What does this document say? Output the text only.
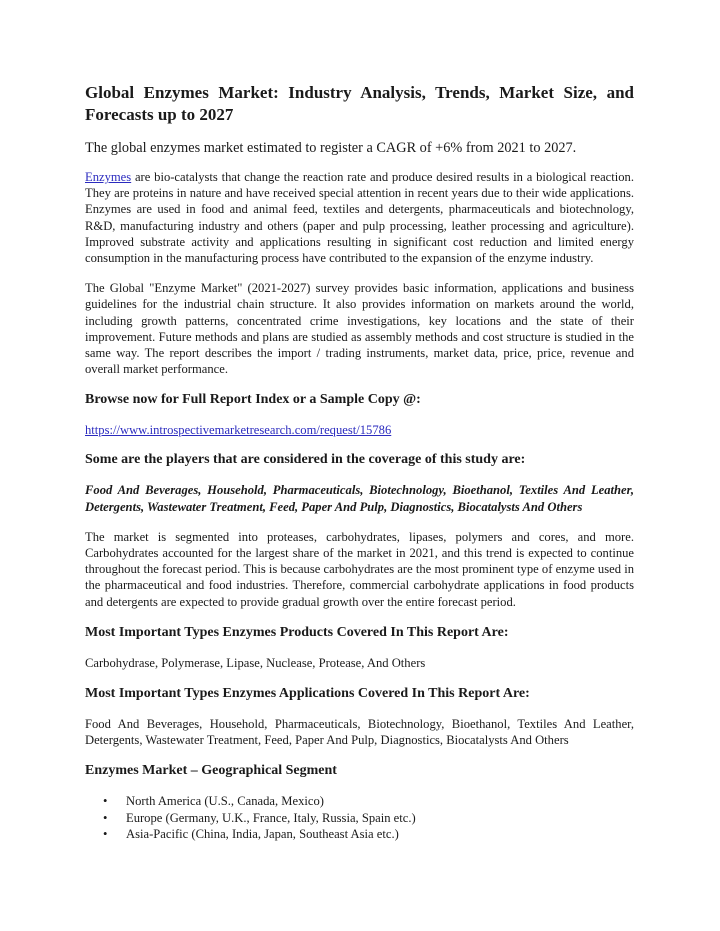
Global Enzymes Market: Industry Analysis, Trends, Market Size, and Forecasts up to 2027

The global enzymes market estimated to register a CAGR of +6% from 2021 to 2027.

Enzymes are bio-catalysts that change the reaction rate and produce desired results in a biological reaction. They are proteins in nature and have received special attention in recent years due to their wide applications. Enzymes are used in food and animal feed, textiles and detergents, pharmaceuticals and biotechnology, R&D, manufacturing industry and others (paper and pulp processing, leather processing and agriculture). Improved substrate activity and applications resulting in significant cost reduction and limited energy consumption in the manufacturing process have contributed to the expansion of the enzyme industry.

The Global "Enzyme Market" (2021-2027) survey provides basic information, applications and business guidelines for the industrial chain structure. It also provides information on markets around the world, including growth patterns, concentrated crime investigations, key locations and the state of their improvement. Future methods and plans are studied as assembly methods and cost structure is studied in the same way. The report describes the import / trading instruments, market data, price, price, revenue and overall market performance.

Browse now for Full Report Index or a Sample Copy @:

https://www.introspectivemarketresearch.com/request/15786

Some are the players that are considered in the coverage of this study are:

Food And Beverages, Household, Pharmaceuticals, Biotechnology, Bioethanol, Textiles And Leather, Detergents, Wastewater Treatment, Feed, Paper And Pulp, Diagnostics, Biocatalysts And Others

The market is segmented into proteases, carbohydrates, lipases, polymers and cores, and more. Carbohydrates accounted for the largest share of the market in 2021, and this trend is expected to continue throughout the forecast period. This is because carbohydrates are the most prominent type of enzyme used in the pharmaceutical and food industries. Therefore, commercial carbohydrate applications in food products and detergents are expected to provide gradual growth over the entire forecast period.

Most Important Types Enzymes Products Covered In This Report Are:

Carbohydrase, Polymerase, Lipase, Nuclease, Protease, And Others

Most Important Types Enzymes Applications Covered In This Report Are:

Food And Beverages, Household, Pharmaceuticals, Biotechnology, Bioethanol, Textiles And Leather, Detergents, Wastewater Treatment, Feed, Paper And Pulp, Diagnostics, Biocatalysts And Others

Enzymes Market – Geographical Segment
• North America (U.S., Canada, Mexico)
• Europe (Germany, U.K., France, Italy, Russia, Spain etc.)
• Asia-Pacific (China, India, Japan, Southeast Asia etc.)
